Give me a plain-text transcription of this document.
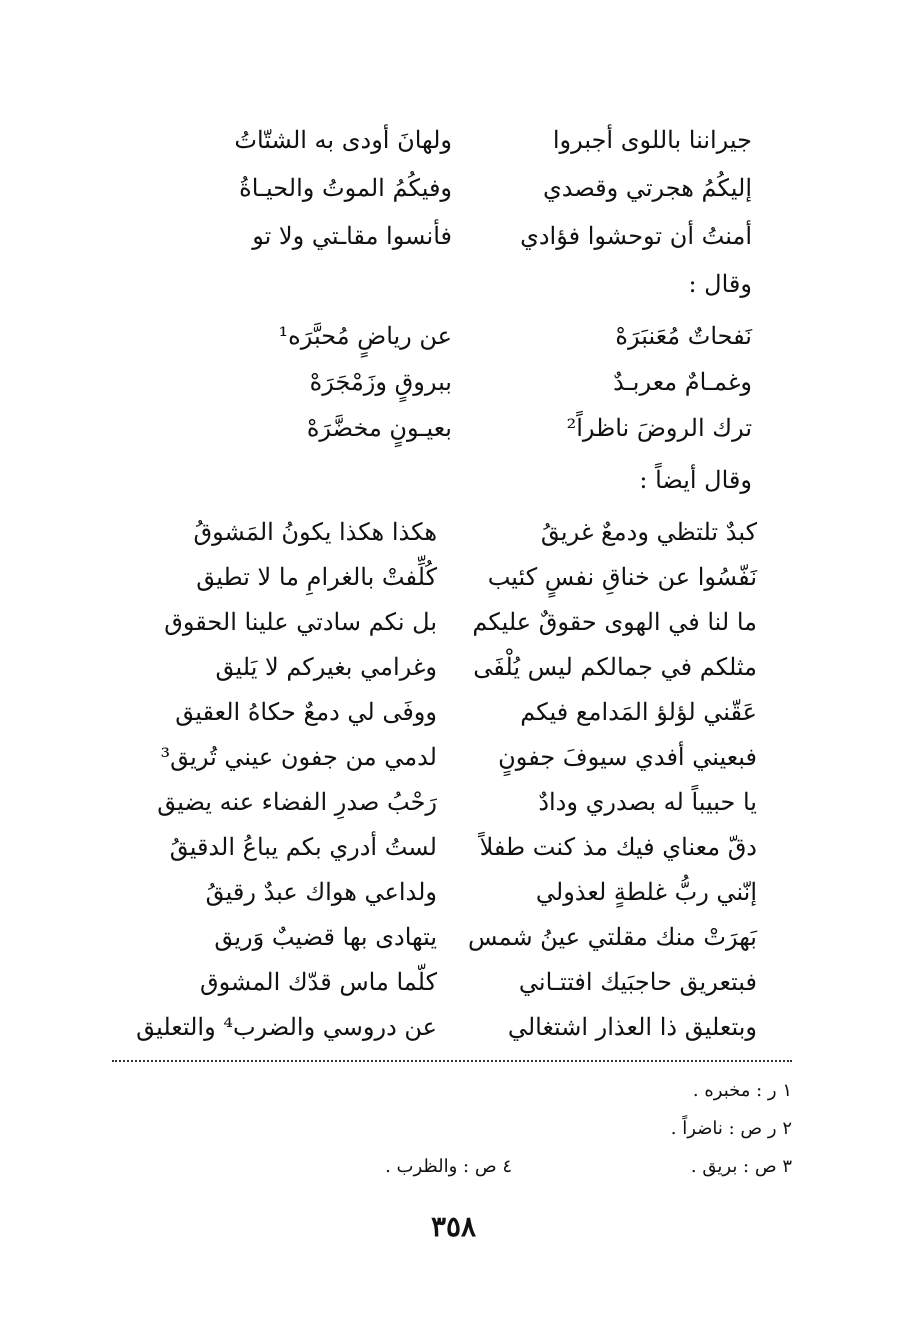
جيراننا باللوى أجبروا
ولهانَ أودى به الشتّاتُ
إليكُمُ هجرتي وقصدي
وفيكُمُ الموتُ والحيـاةُ
أمنتُ أن توحشوا فؤادي
فأنسوا مقاـتي ولا تو
وقال :
نَفحاتٌ مُعَنبَرَهْ
عن رياضٍ مُحبَّرَه¹
وغمـامٌ معربـدٌ
ببروقٍ وزَمْجَرَهْ
ترك الروضَ ناظراً²
بعيـونٍ مخضَّرَهْ
وقال أيضاً :
كبدٌ تلتظي ودمعٌ غريقُ
هكذا هكذا يكونُ المَشوقُ
نَفّسُوا عن خناقِ نفسٍ كئيب
كُلِّفتْ بالغرامِ ما لا تطيق
ما لنا في الهوى حقوقٌ عليكم
بل نكم سادتي علينا الحقوق
مثلكم في جمالكم ليس يُلْفَى
وغرامي بغيركم لا يَليق
عَقّني لؤلؤ المَدامع فيكم
ووفَى لي دمعٌ حكاهُ العقيق
فبعيني أفدي سيوفَ جفونٍ
لدمي من جفون عيني تُريق³
يا حبيباً له بصدري ودادٌ
رَحْبُ صدرِ الفضاء عنه يضيق
دقّ معناي فيك مذ كنت طفلاً
لستُ أدري بكم يباعُ الدقيقُ
إنّني ربُّ غلطةٍ لعذولي
ولداعي هواك عبدٌ رقيقُ
بَهرَتْ منك مقلتي عينُ شمس
يتهادى بها قضيبٌ وَريق
فبتعريق حاجبَيك افتتـاني
كلّما ماس قدّك المشوق
وبتعليق ذا العذار اشتغالي
عن دروسي والضرب⁴ والتعليق
١ ر : مخبره .
٢ ر ص : ناضراً .
٣ ص : بريق .
٤ ص : والظرب .
٣٥٨
